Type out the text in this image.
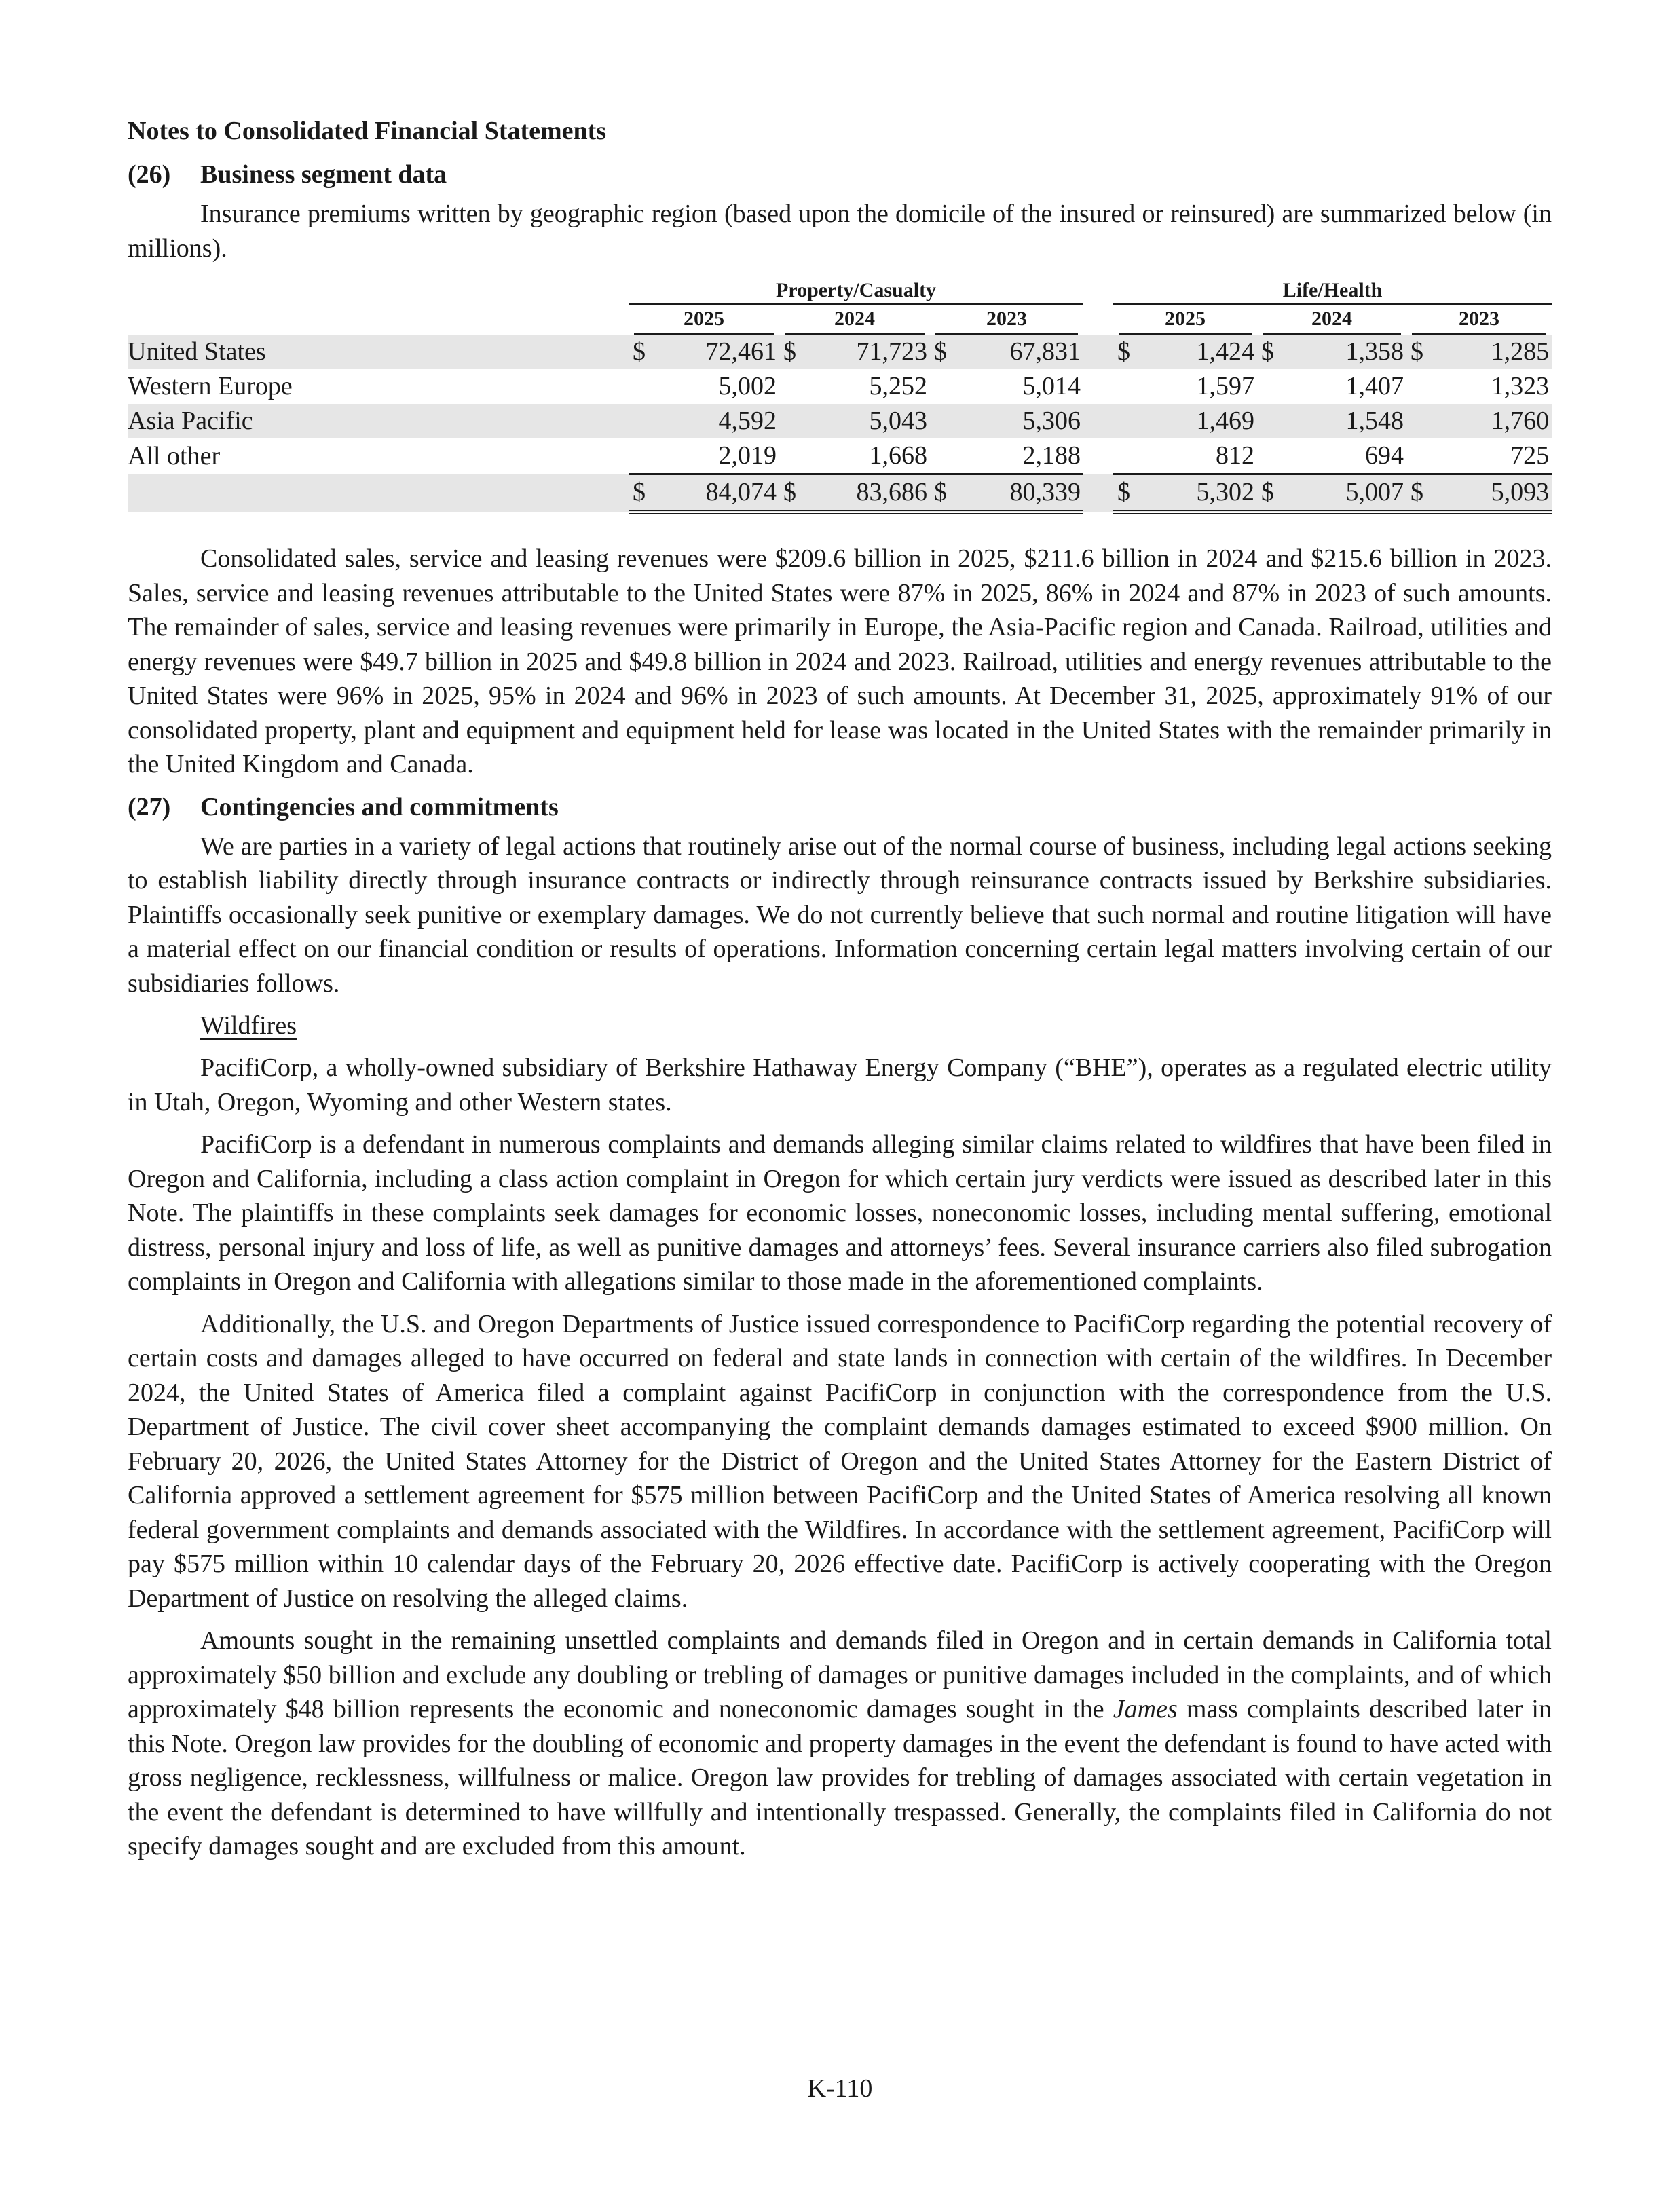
Notes to Consolidated Financial Statements

(26)	Business segment data

Insurance premiums written by geographic region (based upon the domicile of the insured or reinsured) are summarized below (in millions).

	Property/Casualty							Life/Health					

	2025		2024		2023			2025		2024		2023	

United States	$	72,461	$	71,723	$	67,831		$	1,424	$	1,358	$	1,285
Western Europe		5,002		5,252		5,014			1,597		1,407		1,323
Asia Pacific		4,592		5,043		5,306			1,469		1,548		1,760
All other		2,019		1,668		2,188			812		694		725
	$	84,074	$	83,686	$	80,339		$	5,302	$	5,007	$	5,093

Consolidated sales, service and leasing revenues were $209.6 billion in 2025, $211.6 billion in 2024 and $215.6 billion in 2023. Sales, service and leasing revenues attributable to the United States were 87% in 2025, 86% in 2024 and 87% in 2023 of such amounts. The remainder of sales, service and leasing revenues were primarily in Europe, the Asia-Pacific region and Canada. Railroad, utilities and energy revenues were $49.7 billion in 2025 and $49.8 billion in 2024 and 2023. Railroad, utilities and energy revenues attributable to the United States were 96% in 2025, 95% in 2024 and 96% in 2023 of such amounts. At December 31, 2025, approximately 91% of our consolidated property, plant and equipment and equipment held for lease was located in the United States with the remainder primarily in the United Kingdom and Canada.

(27)	Contingencies and commitments

We are parties in a variety of legal actions that routinely arise out of the normal course of business, including legal actions seeking to establish liability directly through insurance contracts or indirectly through reinsurance contracts issued by Berkshire subsidiaries. Plaintiffs occasionally seek punitive or exemplary damages. We do not currently believe that such normal and routine litigation will have a material effect on our financial condition or results of operations. Information concerning certain legal matters involving certain of our subsidiaries follows.

Wildfires

PacifiCorp, a wholly-owned subsidiary of Berkshire Hathaway Energy Company (“BHE”), operates as a regulated electric utility in Utah, Oregon, Wyoming and other Western states.

PacifiCorp is a defendant in numerous complaints and demands alleging similar claims related to wildfires that have been filed in Oregon and California, including a class action complaint in Oregon for which certain jury verdicts were issued as described later in this Note. The plaintiffs in these complaints seek damages for economic losses, noneconomic losses, including mental suffering, emotional distress, personal injury and loss of life, as well as punitive damages and attorneys’ fees. Several insurance carriers also filed subrogation complaints in Oregon and California with allegations similar to those made in the aforementioned complaints.

Additionally, the U.S. and Oregon Departments of Justice issued correspondence to PacifiCorp regarding the potential recovery of certain costs and damages alleged to have occurred on federal and state lands in connection with certain of the wildfires. In December 2024, the United States of America filed a complaint against PacifiCorp in conjunction with the correspondence from the U.S. Department of Justice. The civil cover sheet accompanying the complaint demands damages estimated to exceed $900 million. On February 20, 2026, the United States Attorney for the District of Oregon and the United States Attorney for the Eastern District of California approved a settlement agreement for $575 million between PacifiCorp and the United States of America resolving all known federal government complaints and demands associated with the Wildfires. In accordance with the settlement agreement, PacifiCorp will pay $575 million within 10 calendar days of the February 20, 2026 effective date. PacifiCorp is actively cooperating with the Oregon Department of Justice on resolving the alleged claims.

Amounts sought in the remaining unsettled complaints and demands filed in Oregon and in certain demands in California total approximately $50 billion and exclude any doubling or trebling of damages or punitive damages included in the complaints, and of which approximately $48 billion represents the economic and noneconomic damages sought in the James mass complaints described later in this Note. Oregon law provides for the doubling of economic and property damages in the event the defendant is found to have acted with gross negligence, recklessness, willfulness or malice. Oregon law provides for trebling of damages associated with certain vegetation in the event the defendant is determined to have willfully and intentionally trespassed. Generally, the complaints filed in California do not specify damages sought and are excluded from this amount.

K-110
